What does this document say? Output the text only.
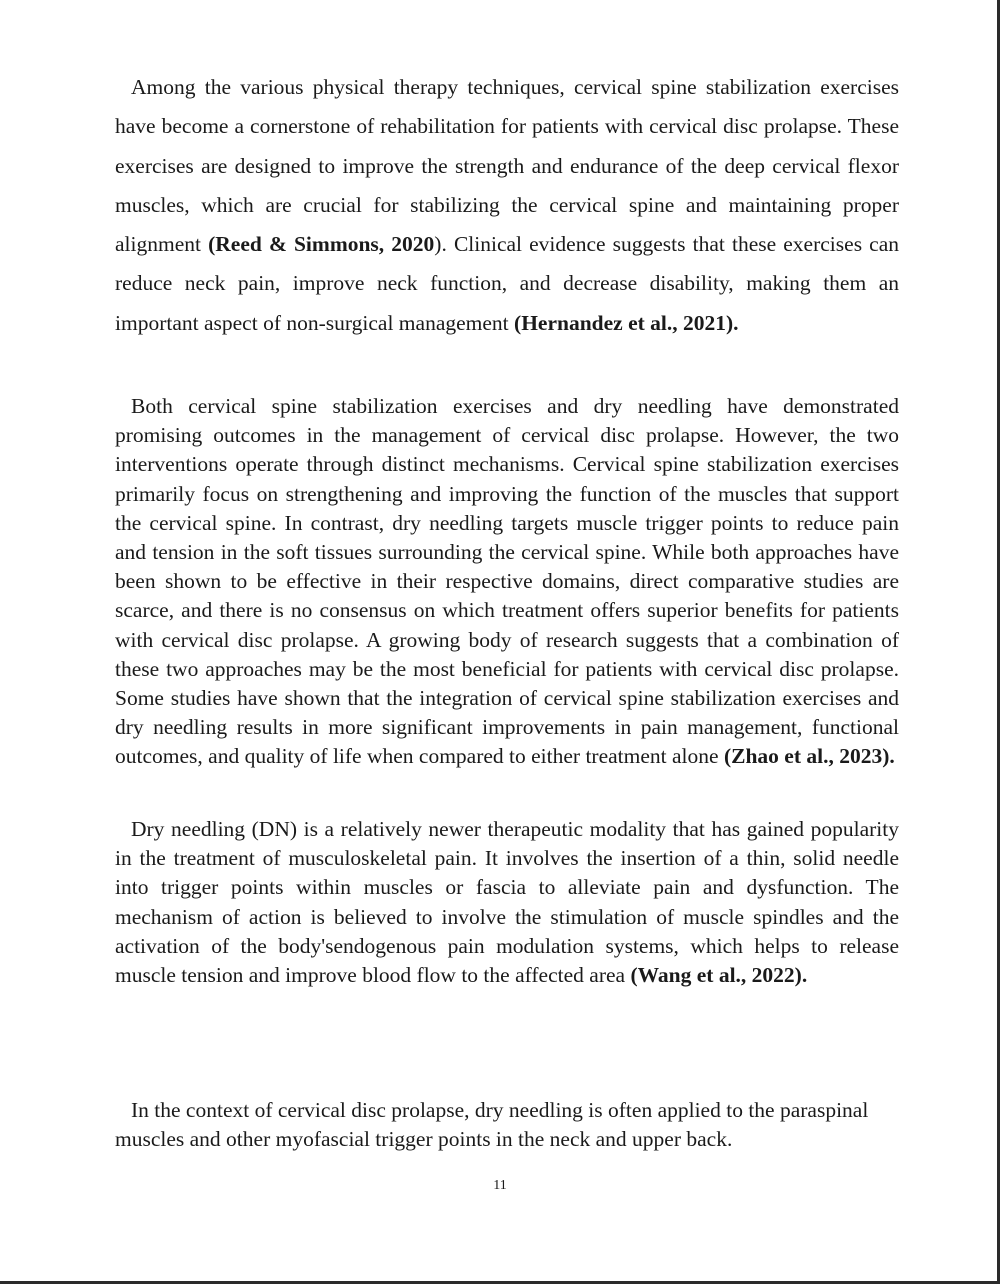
Among the various physical therapy techniques, cervical spine stabilization exercises have become a cornerstone of rehabilitation for patients with cervical disc prolapse. These exercises are designed to improve the strength and endurance of the deep cervical flexor muscles, which are crucial for stabilizing the cervical spine and maintaining proper alignment (Reed & Simmons, 2020). Clinical evidence suggests that these exercises can reduce neck pain, improve neck function, and decrease disability, making them an important aspect of non-surgical management (Hernandez et al., 2021).

Both cervical spine stabilization exercises and dry needling have demonstrated promising outcomes in the management of cervical disc prolapse. However, the two interventions operate through distinct mechanisms. Cervical spine stabilization exercises primarily focus on strengthening and improving the function of the muscles that support the cervical spine. In contrast, dry needling targets muscle trigger points to reduce pain and tension in the soft tissues surrounding the cervical spine. While both approaches have been shown to be effective in their respective domains, direct comparative studies are scarce, and there is no consensus on which treatment offers superior benefits for patients with cervical disc prolapse. A growing body of research suggests that a combination of these two approaches may be the most beneficial for patients with cervical disc prolapse. Some studies have shown that the integration of cervical spine stabilization exercises and dry needling results in more significant improvements in pain management, functional outcomes, and quality of life when compared to either treatment alone (Zhao et al., 2023).

Dry needling (DN) is a relatively newer therapeutic modality that has gained popularity in the treatment of musculoskeletal pain. It involves the insertion of a thin, solid needle into trigger points within muscles or fascia to alleviate pain and dysfunction. The mechanism of action is believed to involve the stimulation of muscle spindles and the activation of the body'sendogenous pain modulation systems, which helps to release muscle tension and improve blood flow to the affected area (Wang et al., 2022).

In the context of cervical disc prolapse, dry needling is often applied to the paraspinal muscles and other myofascial trigger points in the neck and upper back.

11
